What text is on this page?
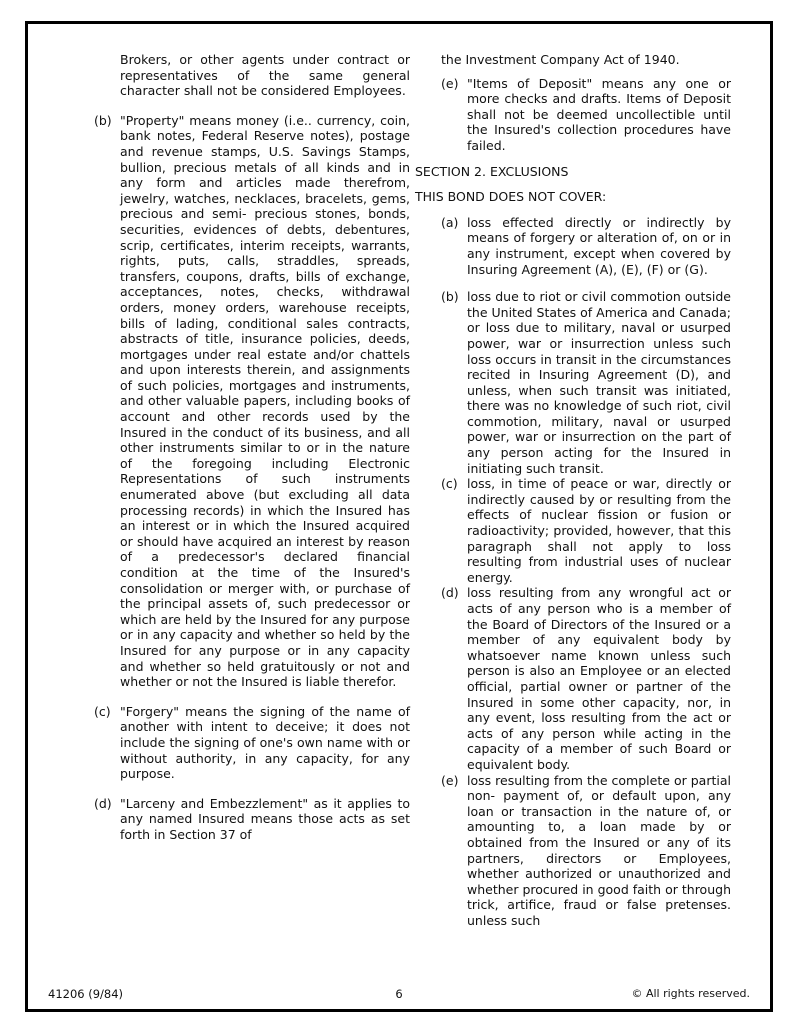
Brokers, or other agents under contract or representatives of the same general character shall not be considered Employees.

(b) "Property" means money (i.e.. currency, coin, bank notes, Federal Reserve notes), postage and revenue stamps, U.S. Savings Stamps, bullion, precious metals of all kinds and in any form and articles made therefrom, jewelry, watches, necklaces, bracelets, gems, precious and semi- precious stones, bonds, securities, evidences of debts, debentures, scrip, certificates, interim receipts, warrants, rights, puts, calls, straddles, spreads, transfers, coupons, drafts, bills of exchange, acceptances, notes, checks, withdrawal orders, money orders, warehouse receipts, bills of lading, conditional sales contracts, abstracts of title, insurance policies, deeds, mortgages under real estate and/or chattels and upon interests therein, and assignments of such policies, mortgages and instruments, and other valuable papers, including books of account and other records used by the Insured in the conduct of its business, and all other instruments similar to or in the nature of the foregoing including Electronic Representations of such instruments enumerated above (but excluding all data processing records) in which the Insured has an interest or in which the Insured acquired or should have acquired an interest by reason of a predecessor's declared financial condition at the time of the Insured's consolidation or merger with, or purchase of the principal assets of, such predecessor or which are held by the Insured for any purpose or in any capacity and whether so held by the Insured for any purpose or in any capacity and whether so held gratuitously or not and whether or not the Insured is liable therefor.

(c) "Forgery" means the signing of the name of another with intent to deceive; it does not include the signing of one's own name with or without authority, in any capacity, for any purpose.

(d) "Larceny and Embezzlement" as it applies to any named Insured means those acts as set forth in Section 37 of

the Investment Company Act of 1940.

(e) "Items of Deposit" means any one or more checks and drafts. Items of Deposit shall not be deemed uncollectible until the Insured's collection procedures have failed.

SECTION 2. EXCLUSIONS

THIS BOND DOES NOT COVER:

(a) loss effected directly or indirectly by means of forgery or alteration of, on or in any instrument, except when covered by Insuring Agreement (A), (E), (F) or (G).

(b) loss due to riot or civil commotion outside the United States of America and Canada; or loss due to military, naval or usurped power, war or insurrection unless such loss occurs in transit in the circumstances recited in Insuring Agreement (D), and unless, when such transit was initiated, there was no knowledge of such riot, civil commotion, military, naval or usurped power, war or insurrection on the part of any person acting for the Insured in initiating such transit.

(c) loss, in time of peace or war, directly or indirectly caused by or resulting from the effects of nuclear fission or fusion or radioactivity; provided, however, that this paragraph shall not apply to loss resulting from industrial uses of nuclear energy.

(d) loss resulting from any wrongful act or acts of any person who is a member of the Board of Directors of the Insured or a member of any equivalent body by whatsoever name known unless such person is also an Employee or an elected official, partial owner or partner of the Insured in some other capacity, nor, in any event, loss resulting from the act or acts of any person while acting in the capacity of a member of such Board or equivalent body.

(e) loss resulting from the complete or partial non- payment of, or default upon, any loan or transaction in the nature of, or amounting to, a loan made by or obtained from the Insured or any of its partners, directors or Employees, whether authorized or unauthorized and whether procured in good faith or through trick, artifice, fraud or false pretenses. unless such

41206 (9/84)	6	© All rights reserved.
